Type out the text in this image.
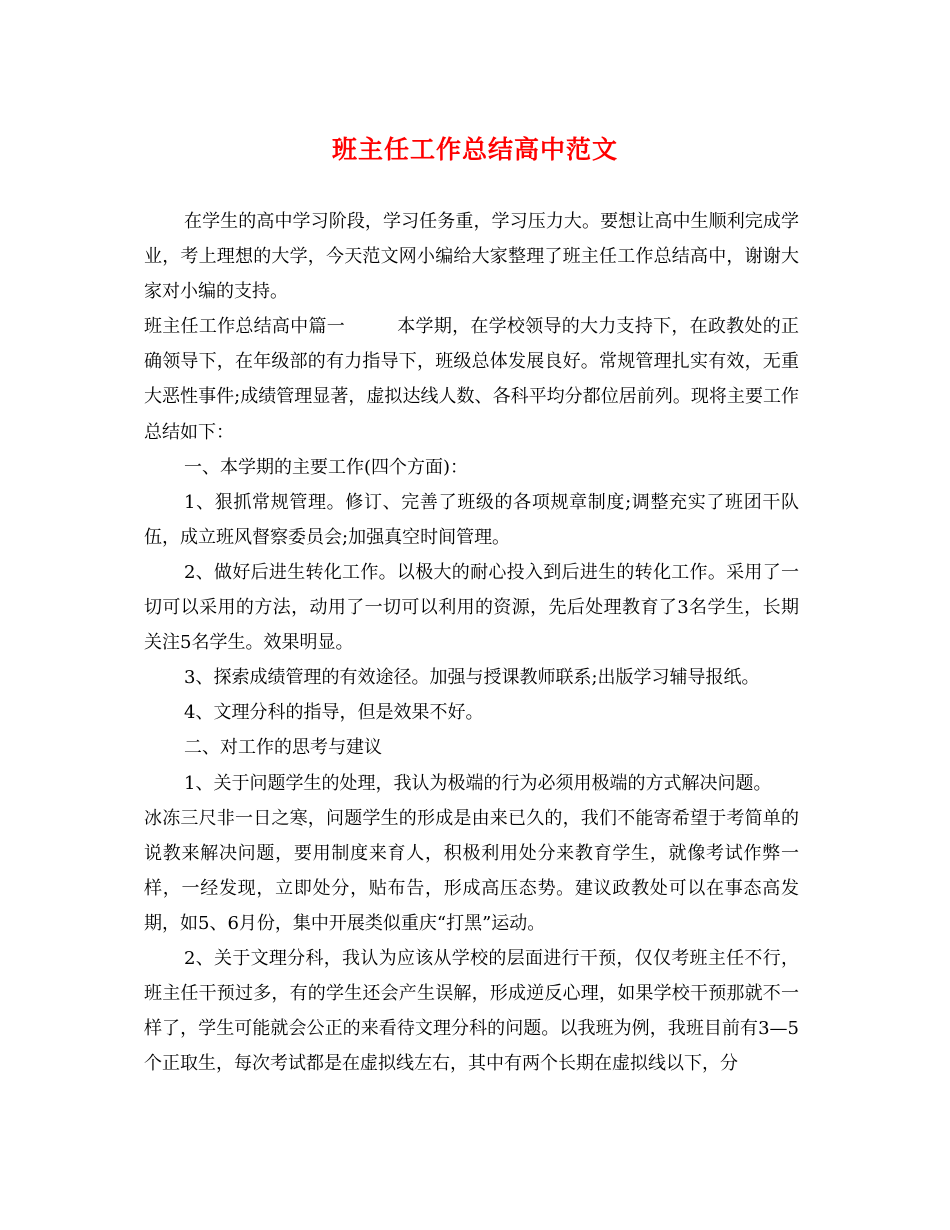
班主任工作总结高中范文

在学生的高中学习阶段，学习任务重，学习压力大。要想让高中生顺利完成学业，考上理想的大学，今天范文网小编给大家整理了班主任工作总结高中，谢谢大家对小编的支持。

班主任工作总结高中篇一	本学期，在学校领导的大力支持下，在政教处的正确领导下，在年级部的有力指导下，班级总体发展良好。常规管理扎实有效，无重大恶性事件;成绩管理显著，虚拟达线人数、各科平均分都位居前列。现将主要工作总结如下：

一、本学期的主要工作(四个方面)：

1、狠抓常规管理。修订、完善了班级的各项规章制度;调整充实了班团干队伍，成立班风督察委员会;加强真空时间管理。

2、做好后进生转化工作。以极大的耐心投入到后进生的转化工作。采用了一切可以采用的方法，动用了一切可以利用的资源，先后处理教育了3名学生，长期关注5名学生。效果明显。

3、探索成绩管理的有效途径。加强与授课教师联系;出版学习辅导报纸。

4、文理分科的指导，但是效果不好。

二、对工作的思考与建议

1、关于问题学生的处理，我认为极端的行为必须用极端的方式解决问题。

冰冻三尺非一日之寒，问题学生的形成是由来已久的，我们不能寄希望于考简单的说教来解决问题，要用制度来育人，积极利用处分来教育学生，就像考试作弊一样，一经发现，立即处分，贴布告，形成高压态势。建议政教处可以在事态高发期，如5、6月份，集中开展类似重庆“打黑”运动。

2、关于文理分科，我认为应该从学校的层面进行干预，仅仅考班主任不行，班主任干预过多，有的学生还会产生误解，形成逆反心理，如果学校干预那就不一样了，学生可能就会公正的来看待文理分科的问题。以我班为例，我班目前有3—5个正取生，每次考试都是在虚拟线左右，其中有两个长期在虚拟线以下，分
